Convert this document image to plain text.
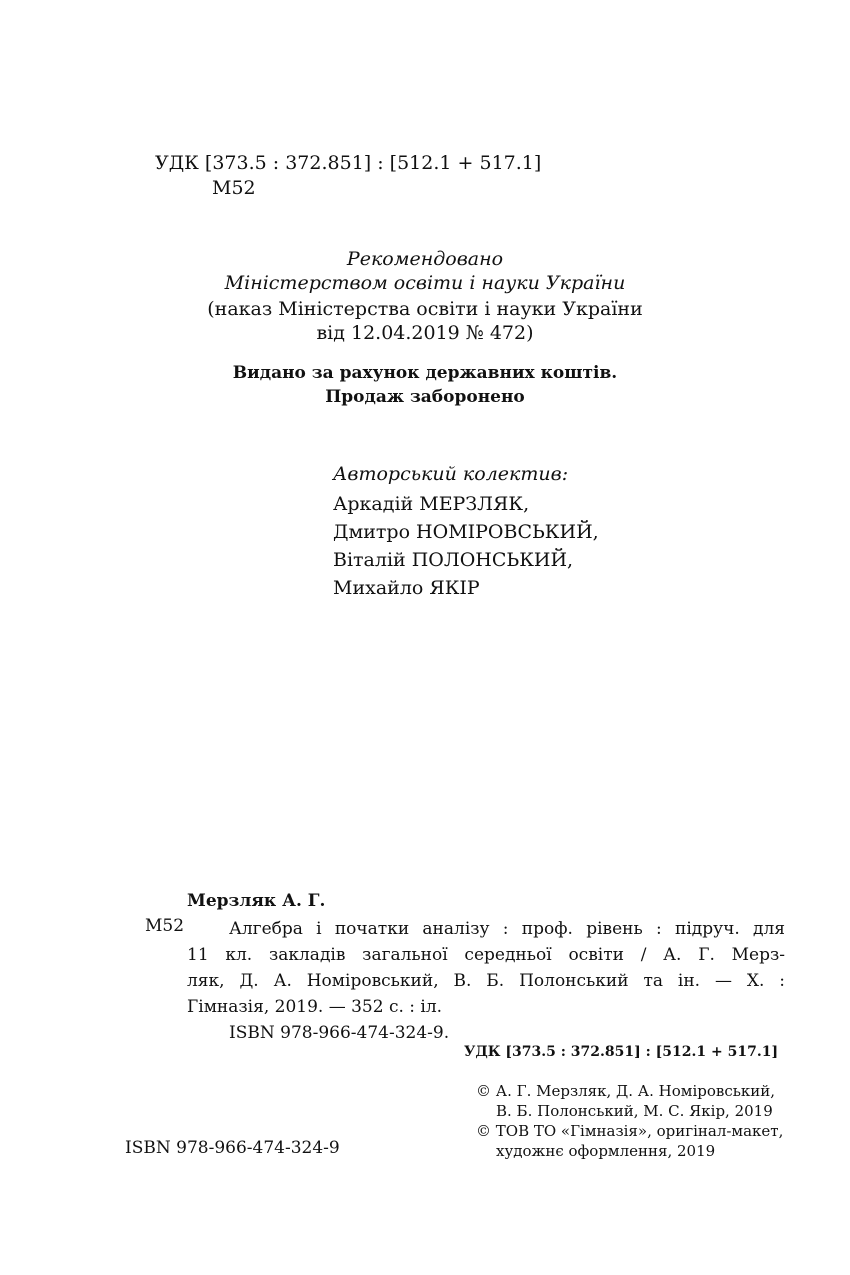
УДК [373.5 : 372.851] : [512.1 + 517.1]
М52
Рекомендовано
Міністерством освіти і науки України
(наказ Міністерства освіти і науки України
від 12.04.2019 № 472)
Видано за рахунок державних коштів.
Продаж заборонено
Авторський колектив:
Аркадій МЕРЗЛЯК,
Дмитро НОМІРОВСЬКИЙ,
Віталій ПОЛОНСЬКИЙ,
Михайло ЯКІР
Мерзляк А. Г.
М52	Алгебра і початки аналізу : проф. рівень : підруч. для
11 кл. закладів загальної середньої освіти / А. Г. Мерз-
ляк, Д. А. Номіровський, В. Б. Полонський та ін. — Х. :
Гімназія, 2019. — 352 с. : іл.
ISBN 978-966-474-324-9.
УДК [373.5 : 372.851] : [512.1 + 517.1]
ISBN 978-966-474-324-9
© А. Г. Мерзляк, Д. А. Номіровський,
В. Б. Полонський, М. С. Якір, 2019
© ТОВ ТО «Гімназія», оригінал-макет,
художнє оформлення, 2019
